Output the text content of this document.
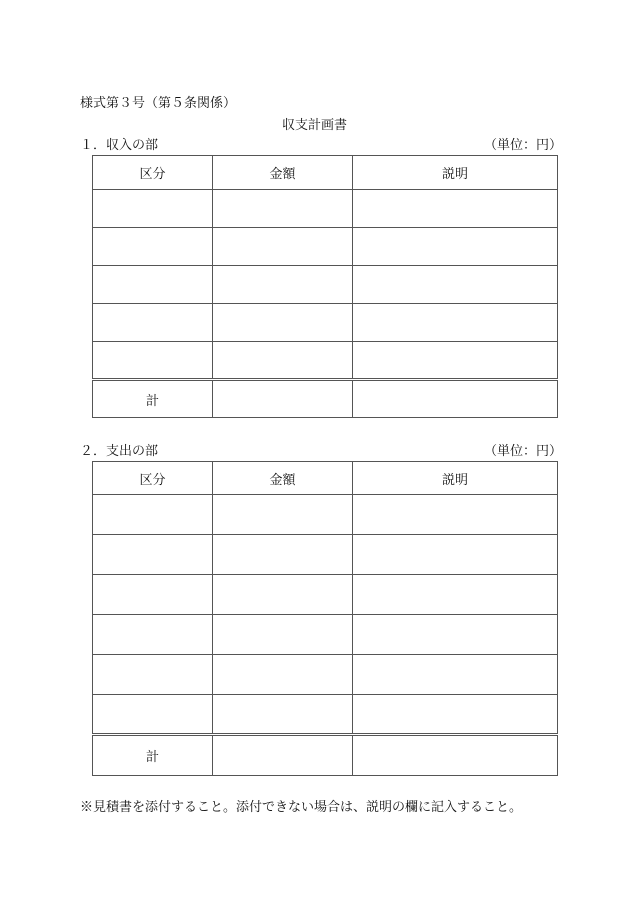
様式第３号（第５条関係）
収支計画書
１．収入の部	（単位：円）
区分	金額	説明

計		
２．支出の部	（単位：円）
区分	金額	説明

計		
※見積書を添付すること。添付できない場合は、説明の欄に記入すること。
